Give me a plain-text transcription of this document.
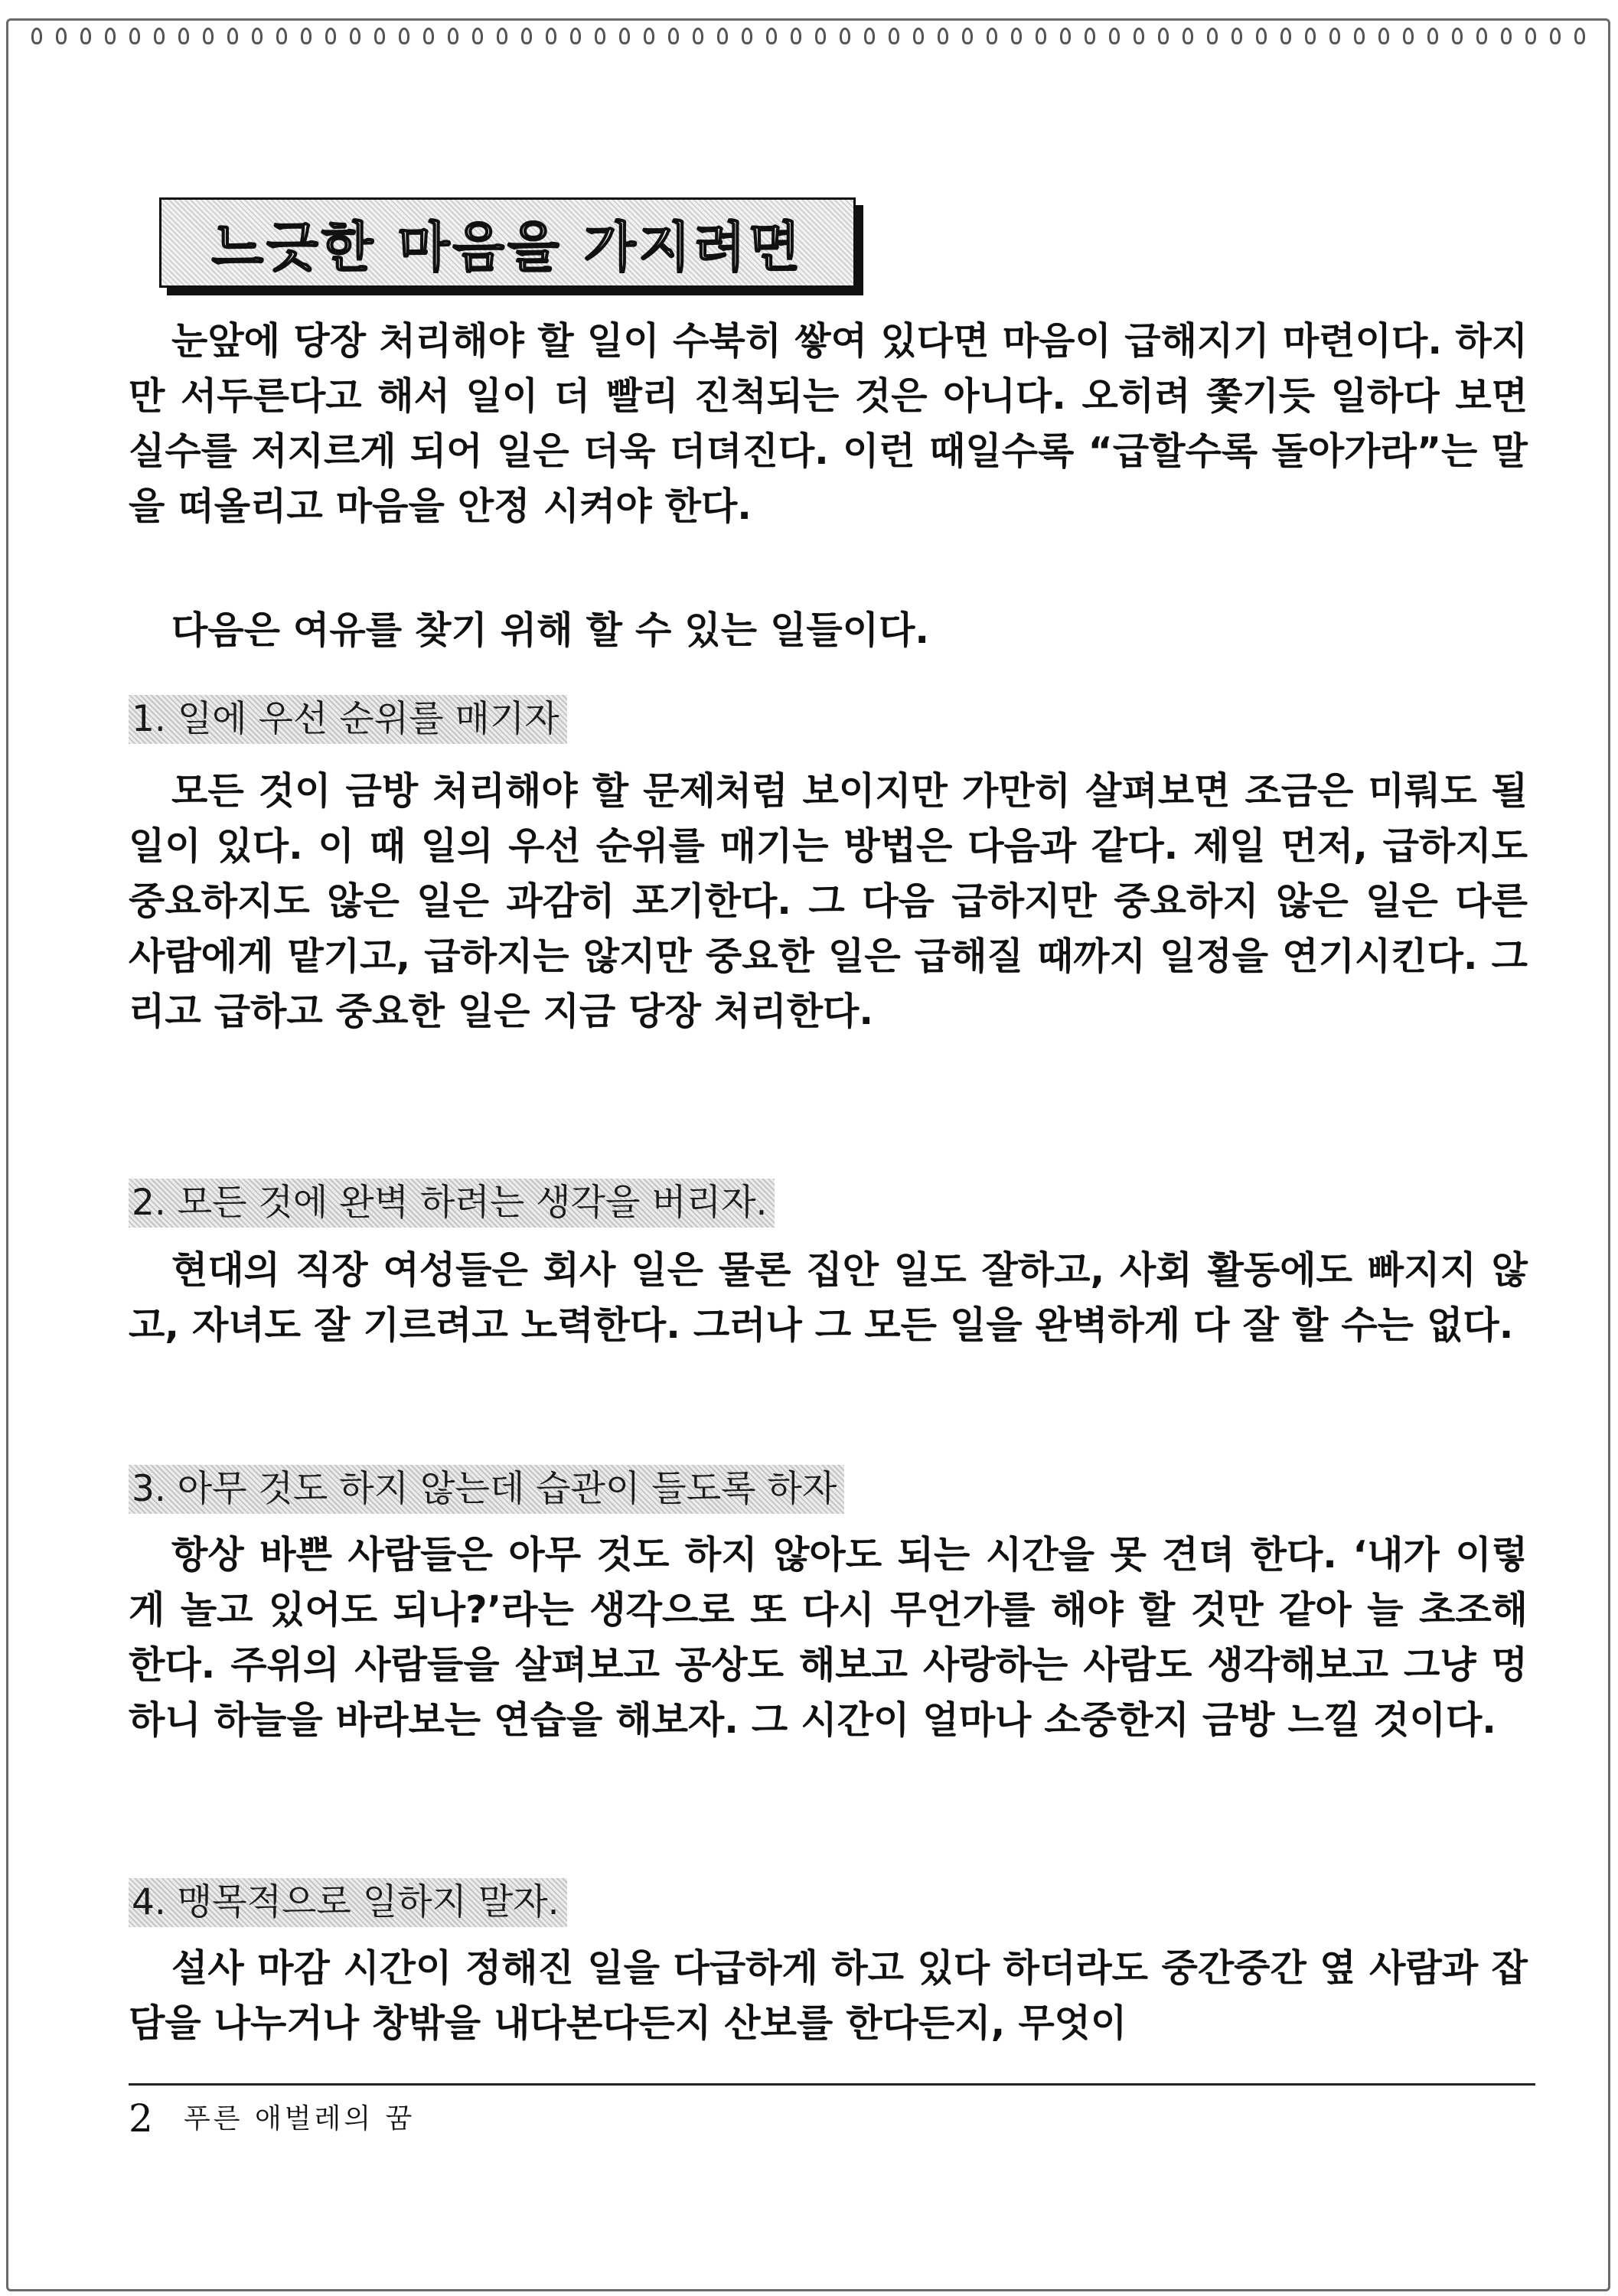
느긋한 마음을 가지려면

눈앞에 당장 처리해야 할 일이 수북히 쌓여 있다면 마음이 급해지기 마련이다. 하지만 서두른다고 해서 일이 더 빨리 진척되는 것은 아니다. 오히려 쫓기듯 일하다 보면 실수를 저지르게 되어 일은 더욱 더뎌진다. 이런 때일수록 “급할수록 돌아가라”는 말을 떠올리고 마음을 안정 시켜야 한다.

다음은 여유를 찾기 위해 할 수 있는 일들이다.

1. 일에 우선 순위를 매기자

모든 것이 금방 처리해야 할 문제처럼 보이지만 가만히 살펴보면 조금은 미뤄도 될 일이 있다. 이 때 일의 우선 순위를 매기는 방법은 다음과 같다. 제일 먼저, 급하지도 중요하지도 않은 일은 과감히 포기한다. 그 다음 급하지만 중요하지 않은 일은 다른 사람에게 맡기고, 급하지는 않지만 중요한 일은 급해질 때까지 일정을 연기시킨다. 그리고 급하고 중요한 일은 지금 당장 처리한다.

2. 모든 것에 완벽 하려는 생각을 버리자.

현대의 직장 여성들은 회사 일은 물론 집안 일도 잘하고, 사회 활동에도 빠지지 않고, 자녀도 잘 기르려고 노력한다. 그러나 그 모든 일을 완벽하게 다 잘 할 수는 없다.

3. 아무 것도 하지 않는데 습관이 들도록 하자

항상 바쁜 사람들은 아무 것도 하지 않아도 되는 시간을 못 견뎌 한다. ‘내가 이렇게 놀고 있어도 되나?’라는 생각으로 또 다시 무언가를 해야 할 것만 같아 늘 초조해한다. 주위의 사람들을 살펴보고 공상도 해보고 사랑하는 사람도 생각해보고 그냥 멍하니 하늘을 바라보는 연습을 해보자. 그 시간이 얼마나 소중한지 금방 느낄 것이다.

4. 맹목적으로 일하지 말자.

설사 마감 시간이 정해진 일을 다급하게 하고 있다 하더라도 중간중간 옆 사람과 잡담을 나누거나 창밖을 내다본다든지 산보를 한다든지, 무엇이

2 푸른 애벌레의 꿈
